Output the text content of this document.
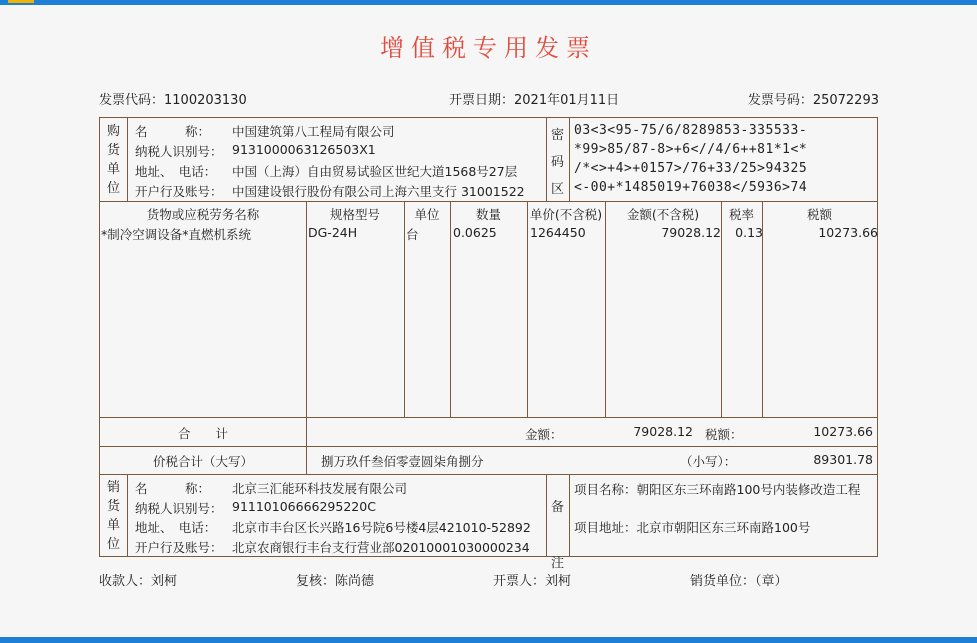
增值税专用发票
发票代码：1100203130	开票日期：2021年01月11日	发票号码：25072293
购
货
单
位
名　　　称： 中国建筑第八工程局有限公司
纳税人识别号： 9131000063126503X1
地址、　电话： 中国（上海）自由贸易试验区世纪大道1568号27层
开户行及账号： 中国建设银行股份有限公司上海六里支行 31001522
密
码
区
03<3<95-75/6/8289853-335533-
*99>85/87-8>+6<//4/6++81*1<*
/*<>+4>+0157>/76+33/25>94325
<-00+*1485019+76038</5936>74
货物或应税劳务名称	规格型号	单位	数量	单价(不含税)	金额(不含税)	税率	税额
*制冷空调设备*直燃机系统	DG-24H	台	0.0625	1264450	79028.12	0.13	10273.66
合　　计	金额：	79028.12 税额：	10273.66
价税合计（大写）	捌万玖仟叁佰零壹圆柒角捌分	（小写）：	89301.78
销
货
单
位
名　　　称： 北京三汇能环科技发展有限公司
纳税人识别号： 91110106666295220C
地址、　电话： 北京市丰台区长兴路16号院6号楼4层421010-52892
开户行及账号： 北京农商银行丰台支行营业部02010001030000234
备
注
项目名称：朝阳区东三环南路100号内装修改造工程
项目地址：北京市朝阳区东三环南路100号
收款人：刘柯	复核：陈尚德	开票人：刘柯	销货单位：（章）
